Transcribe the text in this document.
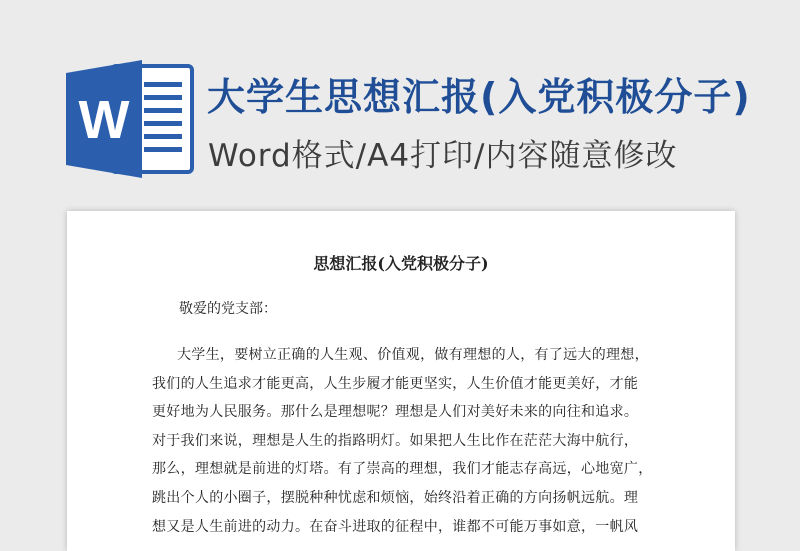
W 大学生思想汇报(入党积极分子)

Word格式/A4打印/内容随意修改

思想汇报(入党积极分子)

敬爱的党支部：

大学生，要树立正确的人生观、价值观，做有理想的人，有了远大的理想，
我们的人生追求才能更高，人生步履才能更坚实，人生价值才能更美好，才能
更好地为人民服务。那什么是理想呢？理想是人们对美好未来的向往和追求。
对于我们来说，理想是人生的指路明灯。如果把人生比作在茫茫大海中航行，
那么，理想就是前进的灯塔。有了崇高的理想，我们才能志存高远，心地宽广，
跳出个人的小圈子，摆脱种种忧虑和烦恼，始终沿着正确的方向扬帆远航。理
想又是人生前进的动力。在奋斗进取的征程中，谁都不可能万事如意，一帆风
